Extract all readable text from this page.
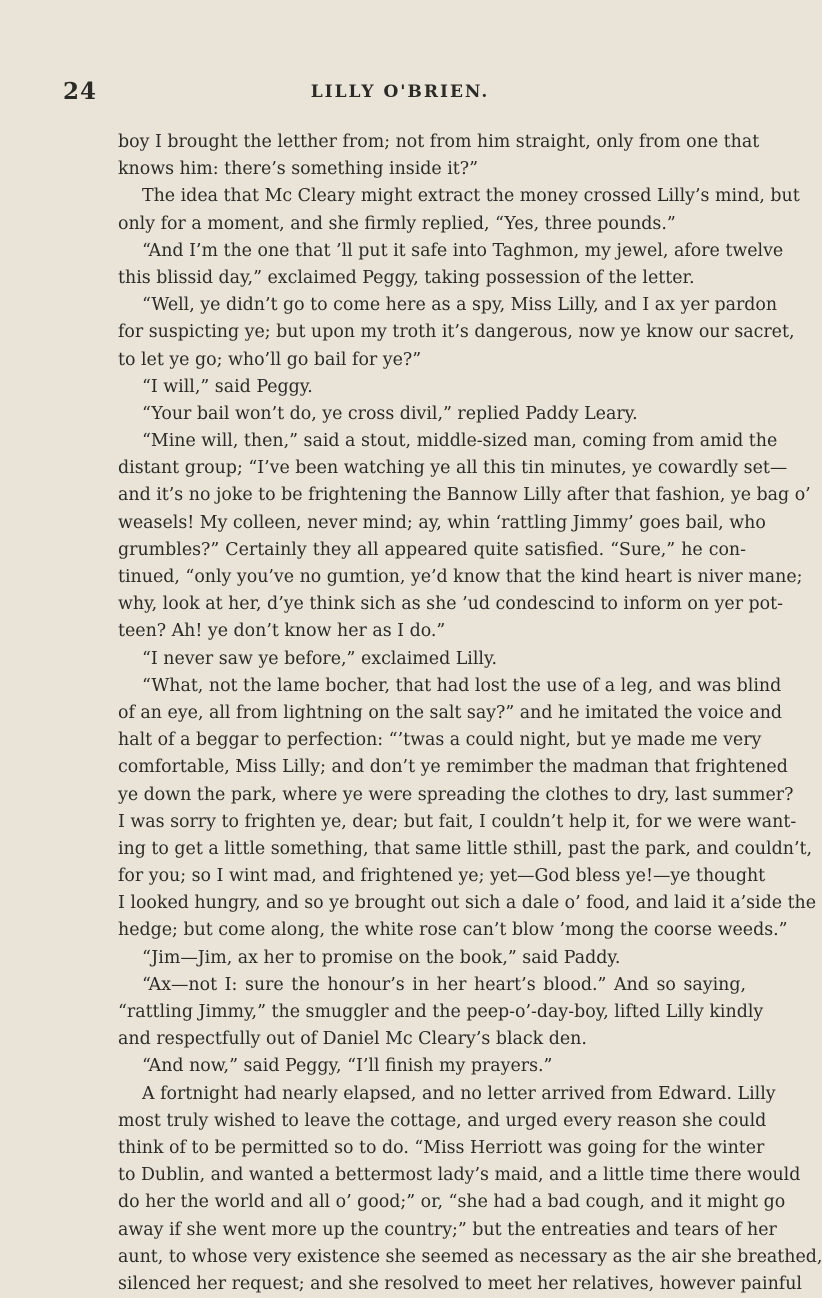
24	LILLY O'BRIEN.
boy I brought the letther from; not from him straight, only from one that
knows him: there’s something inside it?”
The idea that Mc Cleary might extract the money crossed Lilly’s mind, but
only for a moment, and she firmly replied, “Yes, three pounds.”
“And I’m the one that ’ll put it safe into Taghmon, my jewel, afore twelve
this blissid day,” exclaimed Peggy, taking possession of the letter.
“Well, ye didn’t go to come here as a spy, Miss Lilly, and I ax yer pardon
for suspicting ye; but upon my troth it’s dangerous, now ye know our sacret,
to let ye go; who’ll go bail for ye?”
“I will,” said Peggy.
“Your bail won’t do, ye cross divil,” replied Paddy Leary.
“Mine will, then,” said a stout, middle-sized man, coming from amid the
distant group; “I’ve been watching ye all this tin minutes, ye cowardly set—
and it’s no joke to be frightening the Bannow Lilly after that fashion, ye bag o’
weasels! My colleen, never mind; ay, whin ‘rattling Jimmy’ goes bail, who
grumbles?” Certainly they all appeared quite satisfied. “Sure,” he con-
tinued, “only you’ve no gumtion, ye’d know that the kind heart is niver mane;
why, look at her, d’ye think sich as she ’ud condescind to inform on yer pot-
teen? Ah! ye don’t know her as I do.”
“I never saw ye before,” exclaimed Lilly.
“What, not the lame bocher, that had lost the use of a leg, and was blind
of an eye, all from lightning on the salt say?” and he imitated the voice and
halt of a beggar to perfection: “’twas a could night, but ye made me very
comfortable, Miss Lilly; and don’t ye remimber the madman that frightened
ye down the park, where ye were spreading the clothes to dry, last summer?
I was sorry to frighten ye, dear; but fait, I couldn’t help it, for we were want-
ing to get a little something, that same little sthill, past the park, and couldn’t,
for you; so I wint mad, and frightened ye; yet—God bless ye!—ye thought
I looked hungry, and so ye brought out sich a dale o’ food, and laid it a’side the
hedge; but come along, the white rose can’t blow ’mong the coorse weeds.”
“Jim—Jim, ax her to promise on the book,” said Paddy.
“Ax—not I: sure the honour’s in her heart’s blood.” And so saying,
“rattling Jimmy,” the smuggler and the peep-o’-day-boy, lifted Lilly kindly
and respectfully out of Daniel Mc Cleary’s black den.
“And now,” said Peggy, “I’ll finish my prayers.”
A fortnight had nearly elapsed, and no letter arrived from Edward. Lilly
most truly wished to leave the cottage, and urged every reason she could
think of to be permitted so to do. “Miss Herriott was going for the winter
to Dublin, and wanted a bettermost lady’s maid, and a little time there would
do her the world and all o’ good;” or, “she had a bad cough, and it might go
away if she went more up the country;” but the entreaties and tears of her
aunt, to whose very existence she seemed as necessary as the air she breathed,
silenced her request; and she resolved to meet her relatives, however painful
